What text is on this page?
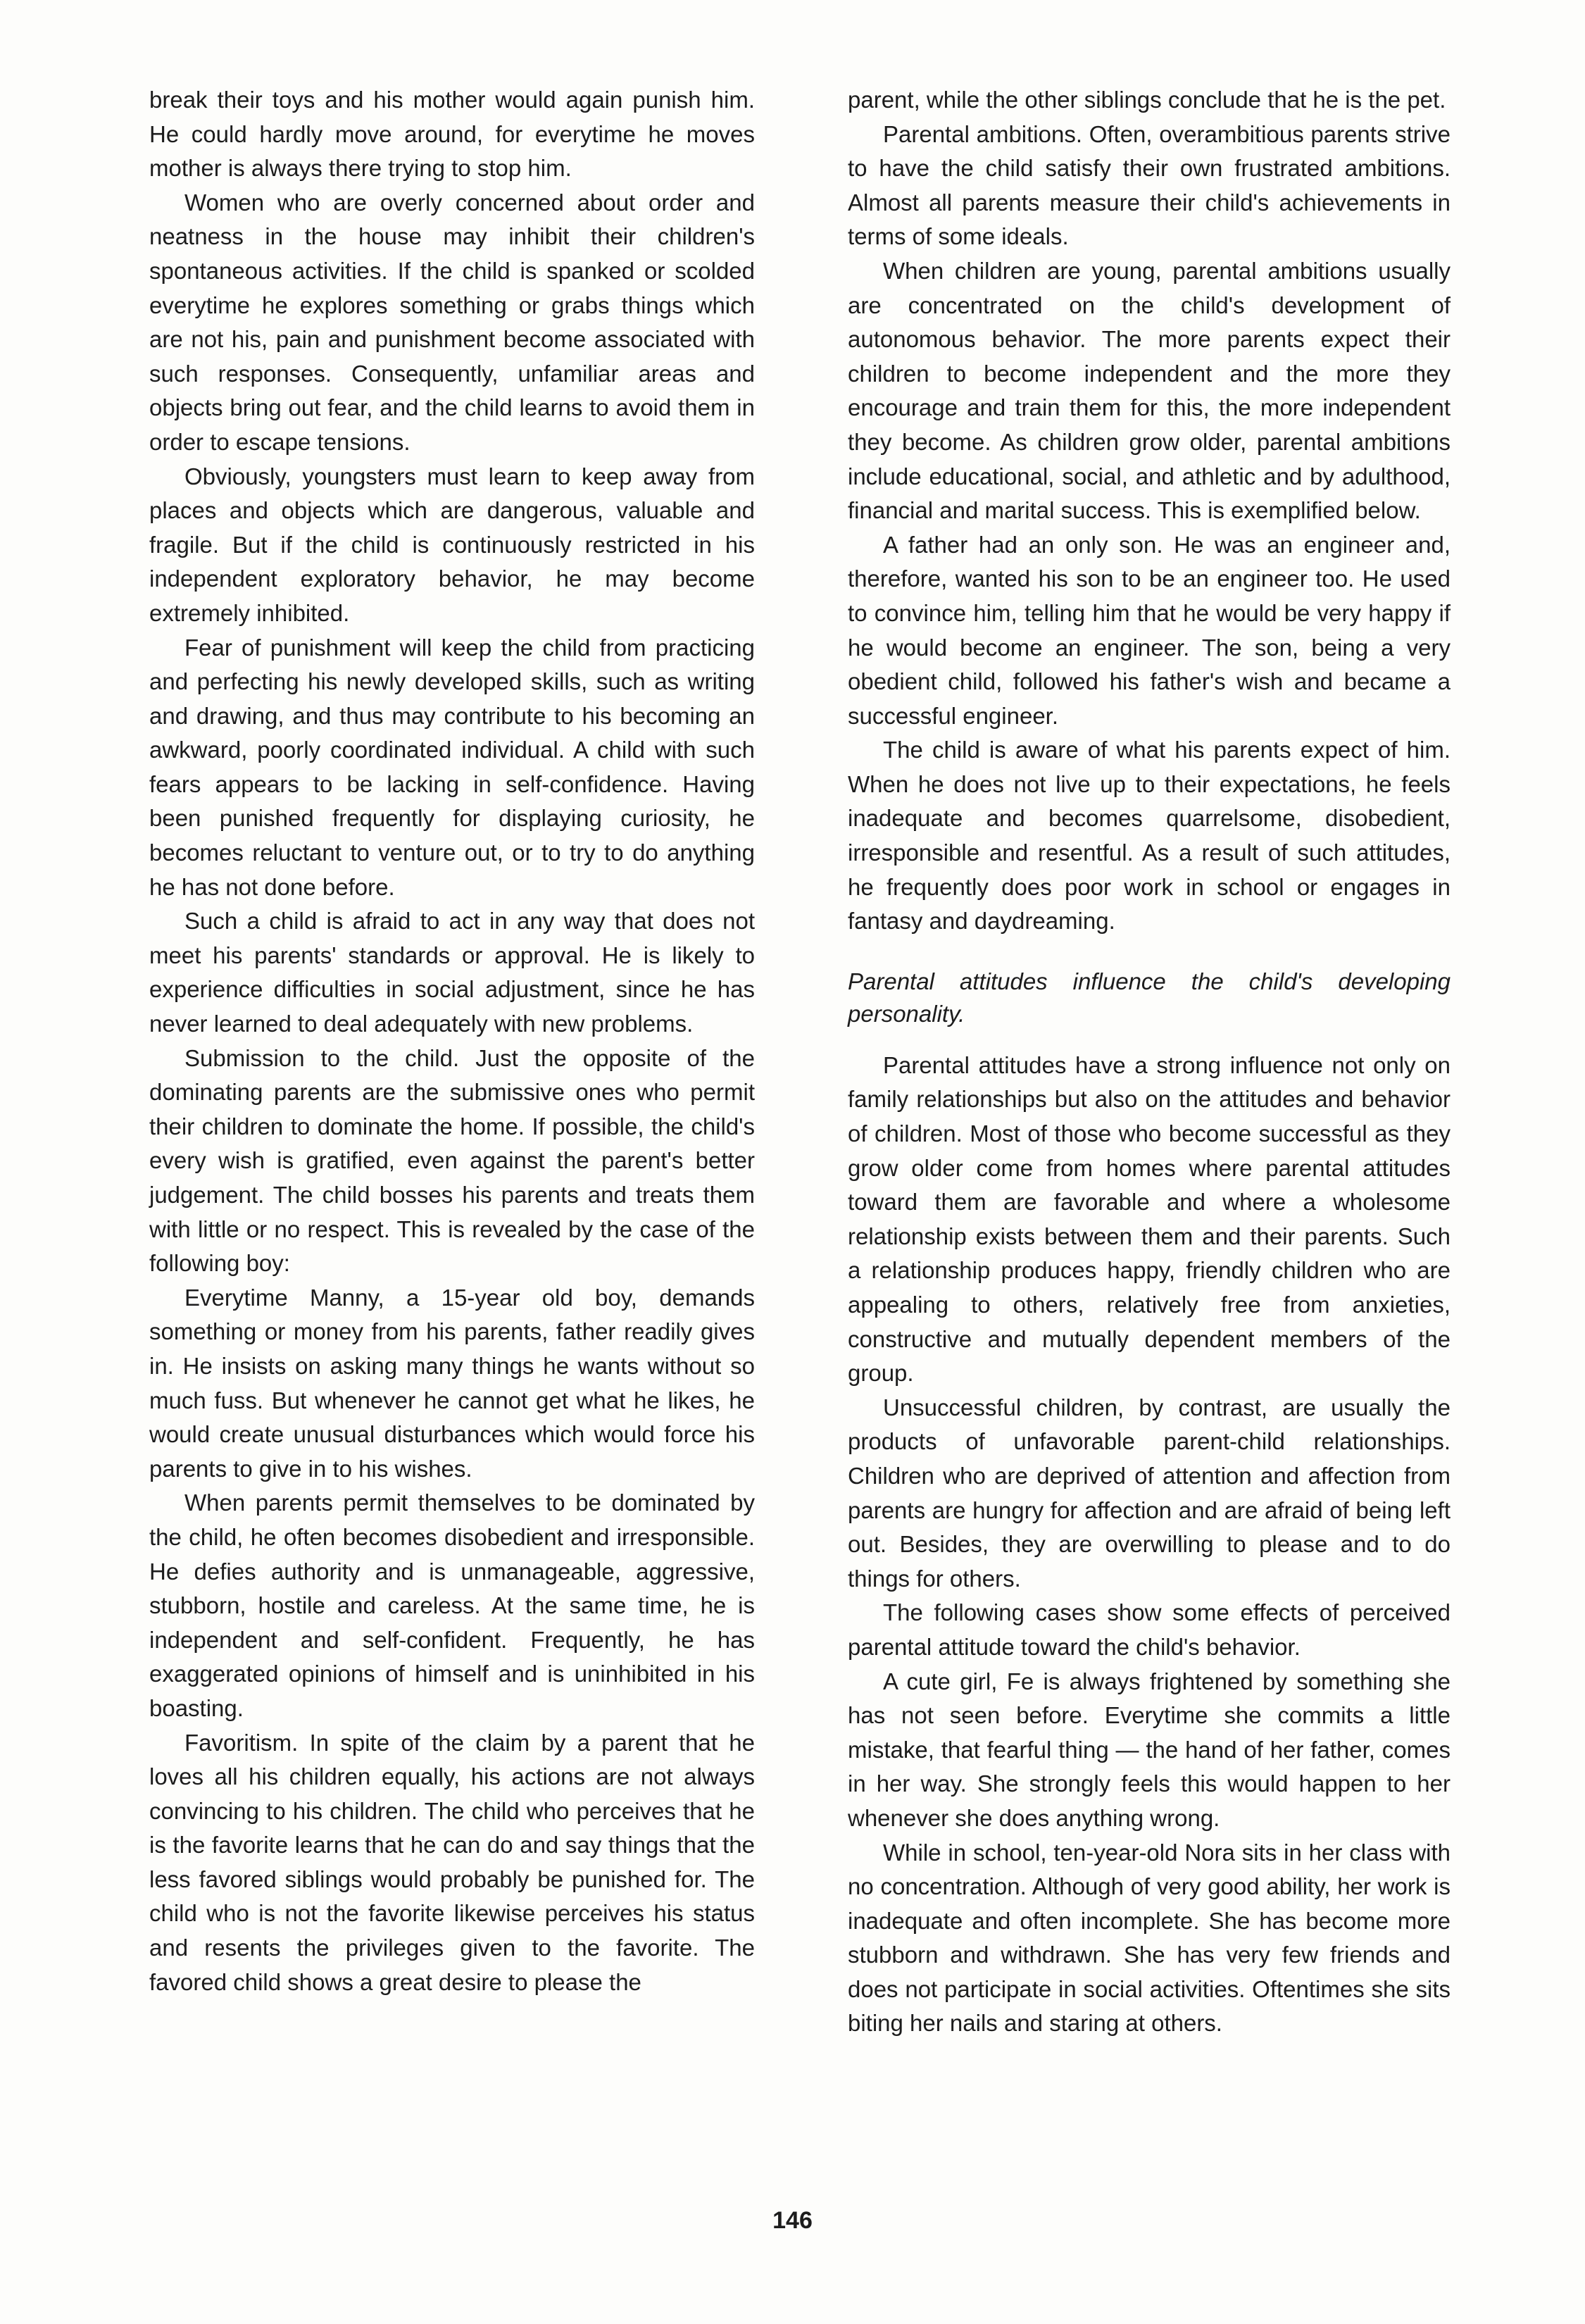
break their toys and his mother would again punish him. He could hardly move around, for everytime he moves mother is always there trying to stop him.

Women who are overly concerned about order and neatness in the house may inhibit their children's spontaneous activities. If the child is spanked or scolded everytime he explores something or grabs things which are not his, pain and punishment become associated with such responses. Consequently, unfamiliar areas and objects bring out fear, and the child learns to avoid them in order to escape tensions.

Obviously, youngsters must learn to keep away from places and objects which are dangerous, valuable and fragile. But if the child is continuously restricted in his independent exploratory behavior, he may become extremely inhibited.

Fear of punishment will keep the child from practicing and perfecting his newly developed skills, such as writing and drawing, and thus may contribute to his becoming an awkward, poorly coordinated individual. A child with such fears appears to be lacking in self-confidence. Having been punished frequently for displaying curiosity, he becomes reluctant to venture out, or to try to do anything he has not done before.

Such a child is afraid to act in any way that does not meet his parents' standards or approval. He is likely to experience difficulties in social adjustment, since he has never learned to deal adequately with new problems.

Submission to the child. Just the opposite of the dominating parents are the submissive ones who permit their children to dominate the home. If possible, the child's every wish is gratified, even against the parent's better judgement. The child bosses his parents and treats them with little or no respect. This is revealed by the case of the following boy:

Everytime Manny, a 15-year old boy, demands something or money from his parents, father readily gives in. He insists on asking many things he wants without so much fuss. But whenever he cannot get what he likes, he would create unusual disturbances which would force his parents to give in to his wishes.

When parents permit themselves to be dominated by the child, he often becomes disobedient and irresponsible. He defies authority and is unmanageable, aggressive, stubborn, hostile and careless. At the same time, he is independent and self-confident. Frequently, he has exaggerated opinions of himself and is uninhibited in his boasting.

Favoritism. In spite of the claim by a parent that he loves all his children equally, his actions are not always convincing to his children. The child who perceives that he is the favorite learns that he can do and say things that the less favored siblings would probably be punished for. The child who is not the favorite likewise perceives his status and resents the privileges given to the favorite. The favored child shows a great desire to please the

parent, while the other siblings conclude that he is the pet.

Parental ambitions. Often, overambitious parents strive to have the child satisfy their own frustrated ambitions. Almost all parents measure their child's achievements in terms of some ideals.

When children are young, parental ambitions usually are concentrated on the child's development of autonomous behavior. The more parents expect their children to become independent and the more they encourage and train them for this, the more independent they become. As children grow older, parental ambitions include educational, social, and athletic and by adulthood, financial and marital success. This is exemplified below.

A father had an only son. He was an engineer and, therefore, wanted his son to be an engineer too. He used to convince him, telling him that he would be very happy if he would become an engineer. The son, being a very obedient child, followed his father's wish and became a successful engineer.

The child is aware of what his parents expect of him. When he does not live up to their expectations, he feels inadequate and becomes quarrelsome, disobedient, irresponsible and resentful. As a result of such attitudes, he frequently does poor work in school or engages in fantasy and daydreaming.

Parental attitudes influence the child's developing personality.

Parental attitudes have a strong influence not only on family relationships but also on the attitudes and behavior of children. Most of those who become successful as they grow older come from homes where parental attitudes toward them are favorable and where a wholesome relationship exists between them and their parents. Such a relationship produces happy, friendly children who are appealing to others, relatively free from anxieties, constructive and mutually dependent members of the group.

Unsuccessful children, by contrast, are usually the products of unfavorable parent-child relationships. Children who are deprived of attention and affection from parents are hungry for affection and are afraid of being left out. Besides, they are overwilling to please and to do things for others.

The following cases show some effects of perceived parental attitude toward the child's behavior.

A cute girl, Fe is always frightened by something she has not seen before. Everytime she commits a little mistake, that fearful thing — the hand of her father, comes in her way. She strongly feels this would happen to her whenever she does anything wrong.

While in school, ten-year-old Nora sits in her class with no concentration. Although of very good ability, her work is inadequate and often incomplete. She has become more stubborn and withdrawn. She has very few friends and does not participate in social activities. Oftentimes she sits biting her nails and staring at others.

146
